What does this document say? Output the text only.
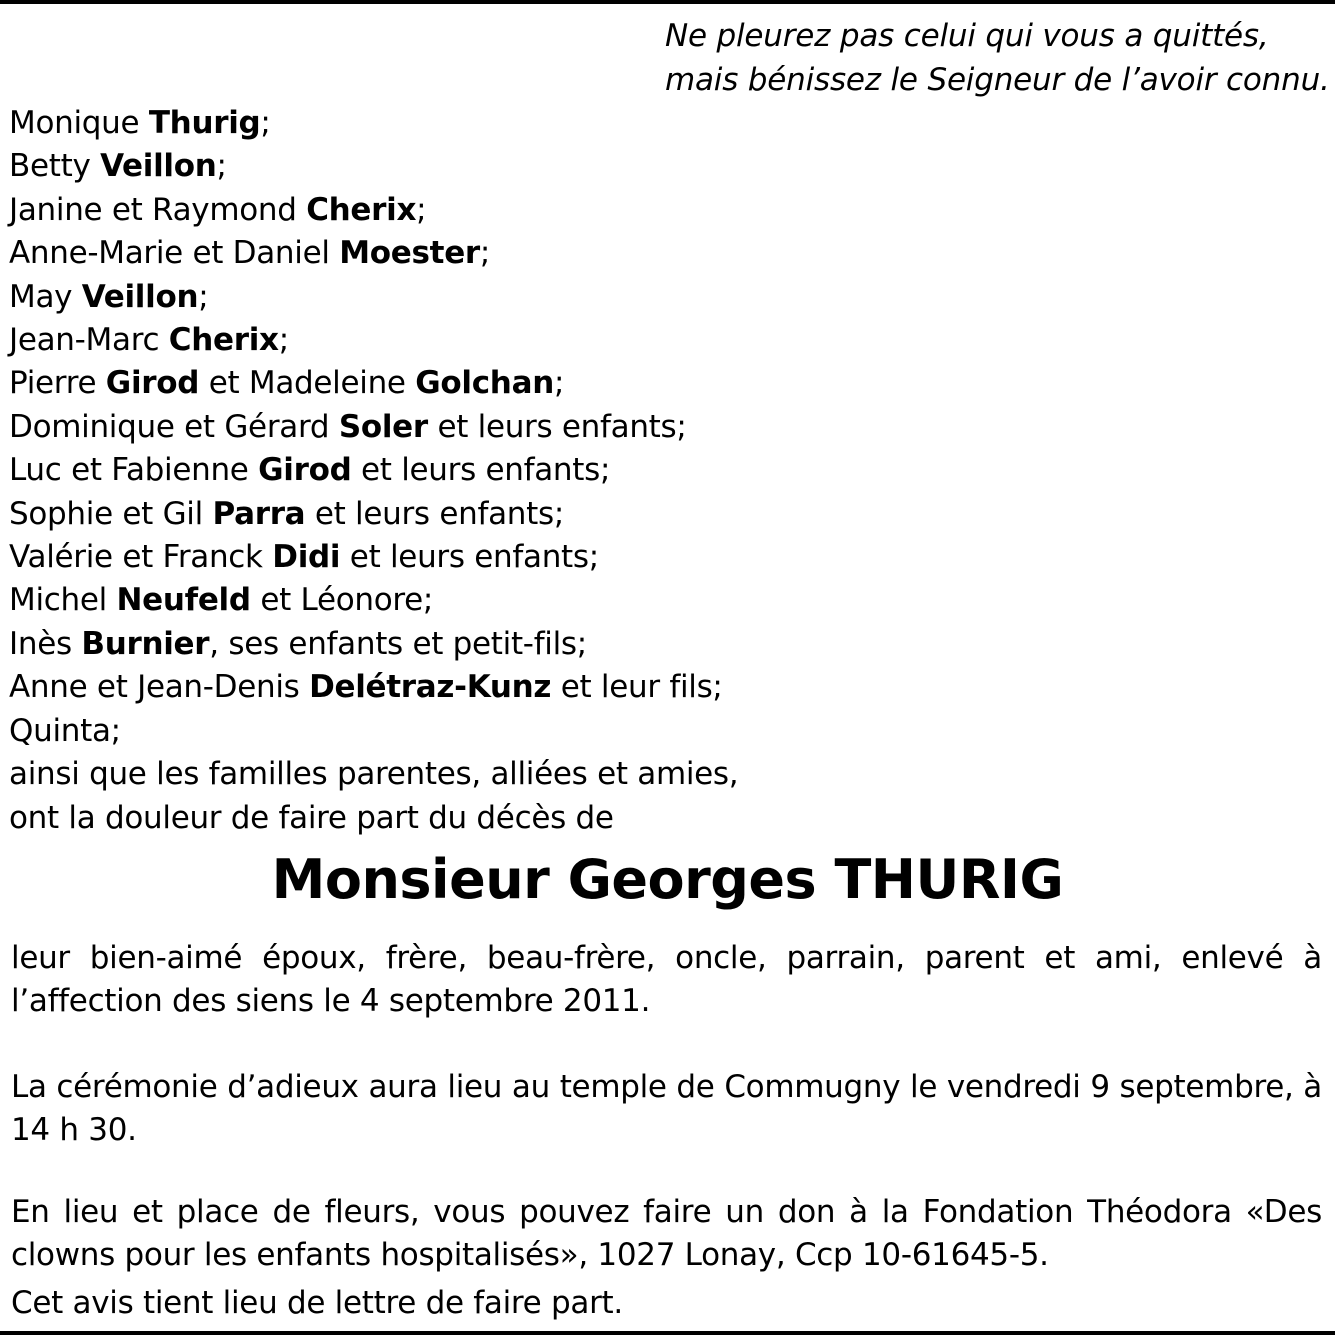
Ne pleurez pas celui qui vous a quittés,
mais bénissez le Seigneur de l’avoir connu.
Monique Thurig;
Betty Veillon;
Janine et Raymond Cherix;
Anne-Marie et Daniel Moester;
May Veillon;
Jean-Marc Cherix;
Pierre Girod et Madeleine Golchan;
Dominique et Gérard Soler et leurs enfants;
Luc et Fabienne Girod et leurs enfants;
Sophie et Gil Parra et leurs enfants;
Valérie et Franck Didi et leurs enfants;
Michel Neufeld et Léonore;
Inès Burnier, ses enfants et petit-fils;
Anne et Jean-Denis Delétraz-Kunz et leur fils;
Quinta;
ainsi que les familles parentes, alliées et amies,
ont la douleur de faire part du décès de
Monsieur Georges THURIG
leur bien-aimé époux, frère, beau-frère, oncle, parrain, parent et ami, enlevé à l’affection des siens le 4 septembre 2011.
La cérémonie d’adieux aura lieu au temple de Commugny le vendredi 9 septembre, à 14 h 30.
En lieu et place de fleurs, vous pouvez faire un don à la Fondation Théodora «Des clowns pour les enfants hospitalisés», 1027 Lonay, Ccp 10-61645-5.
Cet avis tient lieu de lettre de faire part.
